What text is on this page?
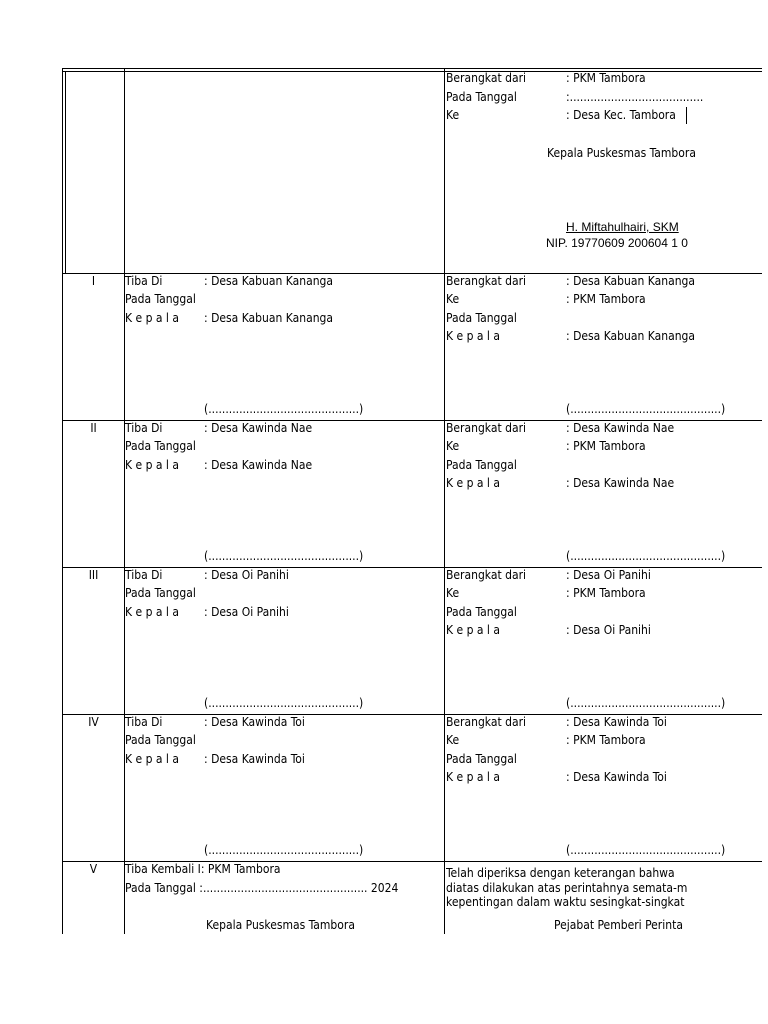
Berangkat dari	: PKM Tambora
Pada Tanggal	:.......................................
Ke	: Desa Kec. Tambora
Kepala Puskesmas Tambora
H. Miftahulhairi, SKM
NIP. 19770609 200604 1 0
I	Tiba Di	: Desa Kabuan Kananga
Pada Tanggal
K e p a l a : Desa Kabuan Kananga
(............................................)
Berangkat dari	: Desa Kabuan Kananga
Ke	: PKM Tambora
Pada Tanggal
K e p a l a	: Desa Kabuan Kananga
(............................................)
II	Tiba Di	: Desa Kawinda Nae
Pada Tanggal
K e p a l a : Desa Kawinda Nae
(............................................)
Berangkat dari	: Desa Kawinda Nae
Ke	: PKM Tambora
Pada Tanggal
K e p a l a	: Desa Kawinda Nae
(............................................)
III	Tiba Di	: Desa Oi Panihi
Pada Tanggal
K e p a l a : Desa Oi Panihi
(............................................)
Berangkat dari	: Desa Oi Panihi
Ke	: PKM Tambora
Pada Tanggal
K e p a l a	: Desa Oi Panihi
(............................................)
IV	Tiba Di	: Desa Kawinda Toi
Pada Tanggal
K e p a l a : Desa Kawinda Toi
(............................................)
Berangkat dari	: Desa Kawinda Toi
Ke	: PKM Tambora
Pada Tanggal
K e p a l a	: Desa Kawinda Toi
(............................................)
V	Tiba Kembali I: PKM Tambora
Pada Tanggal :................................................ 2024
Kepala Puskesmas Tambora
Telah diperiksa dengan keterangan bahwa
diatas dilakukan atas perintahnya semata-m
kepentingan dalam waktu sesingkat-singkat
Pejabat Pemberi Perinta
